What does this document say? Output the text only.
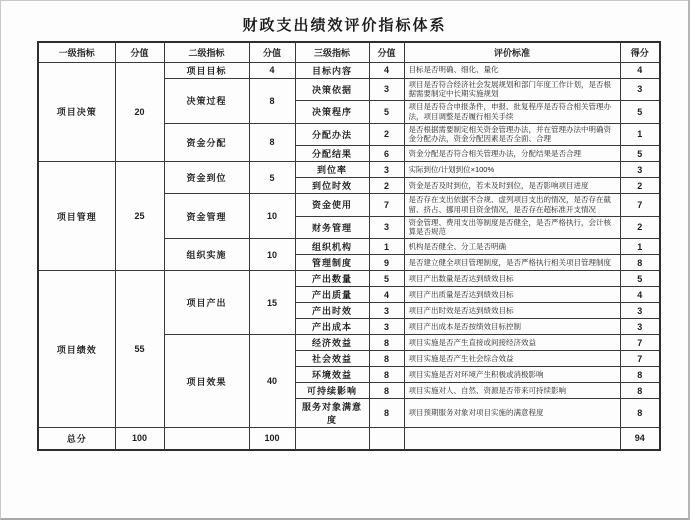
财政支出绩效评价指标体系
一级指标	分值	二级指标	分值	三级指标	分值	评价标准	得分
项目决策	20	项目目标	4	目标内容	4	目标是否明确、细化、量化	4
		决策过程	8	决策依据	3	项目是否符合经济社会发展规划和部门年度工作计划，是否根据需要制定中长期实施规划	3
				决策程序	5	项目是否符合申报条件，申报、批复程序是否符合相关管理办法，项目调整是否履行相关手续	5
		资金分配	8	分配办法	2	是否根据需要制定相关资金管理办法，并在管理办法中明确资金分配办法，资金分配因素是否全面、合理	1
				分配结果	6	资金分配是否符合相关管理办法，分配结果是否合理	5
项目管理	25	资金到位	5	到位率	3	实际到位/计划到位×100%	3
				到位时效	2	资金是否及时到位，若未及时到位，是否影响项目进度	2
		资金管理	10	资金使用	7	是否存在支出依据不合规、虚列项目支出的情况，是否存在截留、挤占、挪用项目资金情况，是否存在超标准开支情况	7
				财务管理	3	资金管理、费用支出等制度是否健全，是否严格执行，会计核算是否规范	2
		组织实施	10	组织机构	1	机构是否健全、分工是否明确	1
				管理制度	9	是否建立健全项目管理制度，是否严格执行相关项目管理制度	8
项目绩效	55	项目产出	15	产出数量	5	项目产出数量是否达到绩效目标	5
				产出质量	4	项目产出质量是否达到绩效目标	4
				产出时效	3	项目产出时效是否达到绩效目标	3
				产出成本	3	项目产出成本是否按绩效目标控制	3
		项目效果	40	经济效益	8	项目实施是否产生直接或间接经济效益	7
				社会效益	8	项目实施是否产生社会综合效益	7
				环境效益	8	项目实施是否对环境产生积极或消极影响	8
				可持续影响	8	项目实施对人、自然、资源是否带来可持续影响	8
				服务对象满意度	8	项目预期服务对象对项目实施的满意程度	8
总分	100		100				94
